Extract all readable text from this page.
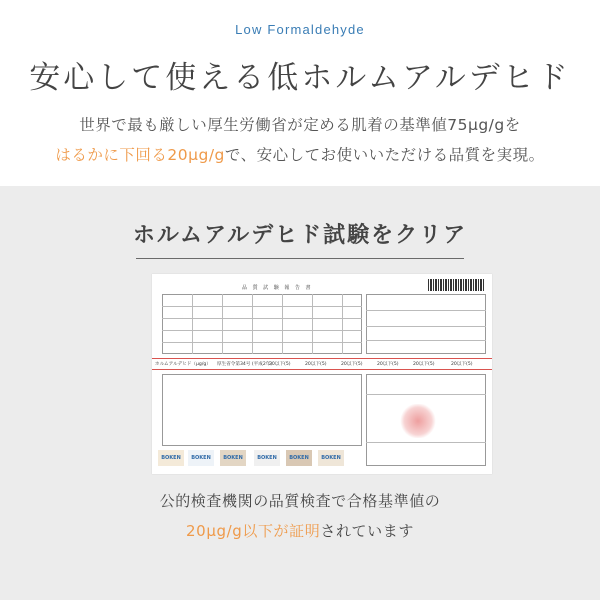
Low Formaldehyde
安心して使える低ホルムアルデヒド
世界で最も厳しい厚生労働省が定める肌着の基準値75μg/gを
はるかに下回る20μg/gで、安心してお使いいただける品質を実現。
ホルムアルデヒド試験をクリア
品 質 試 験 報 告 書
ホルムアルデヒド（μg/g） 厚生省令第34号 (平成2年)
20以下(5)	20以下(5)	20以下(5)	20以下(5)	20以下(5)	20以下(5)
BOKEN	BOKEN	BOKEN	BOKEN	BOKEN	BOKEN
公的検査機関の品質検査で合格基準値の
20μg/g以下が証明されています
